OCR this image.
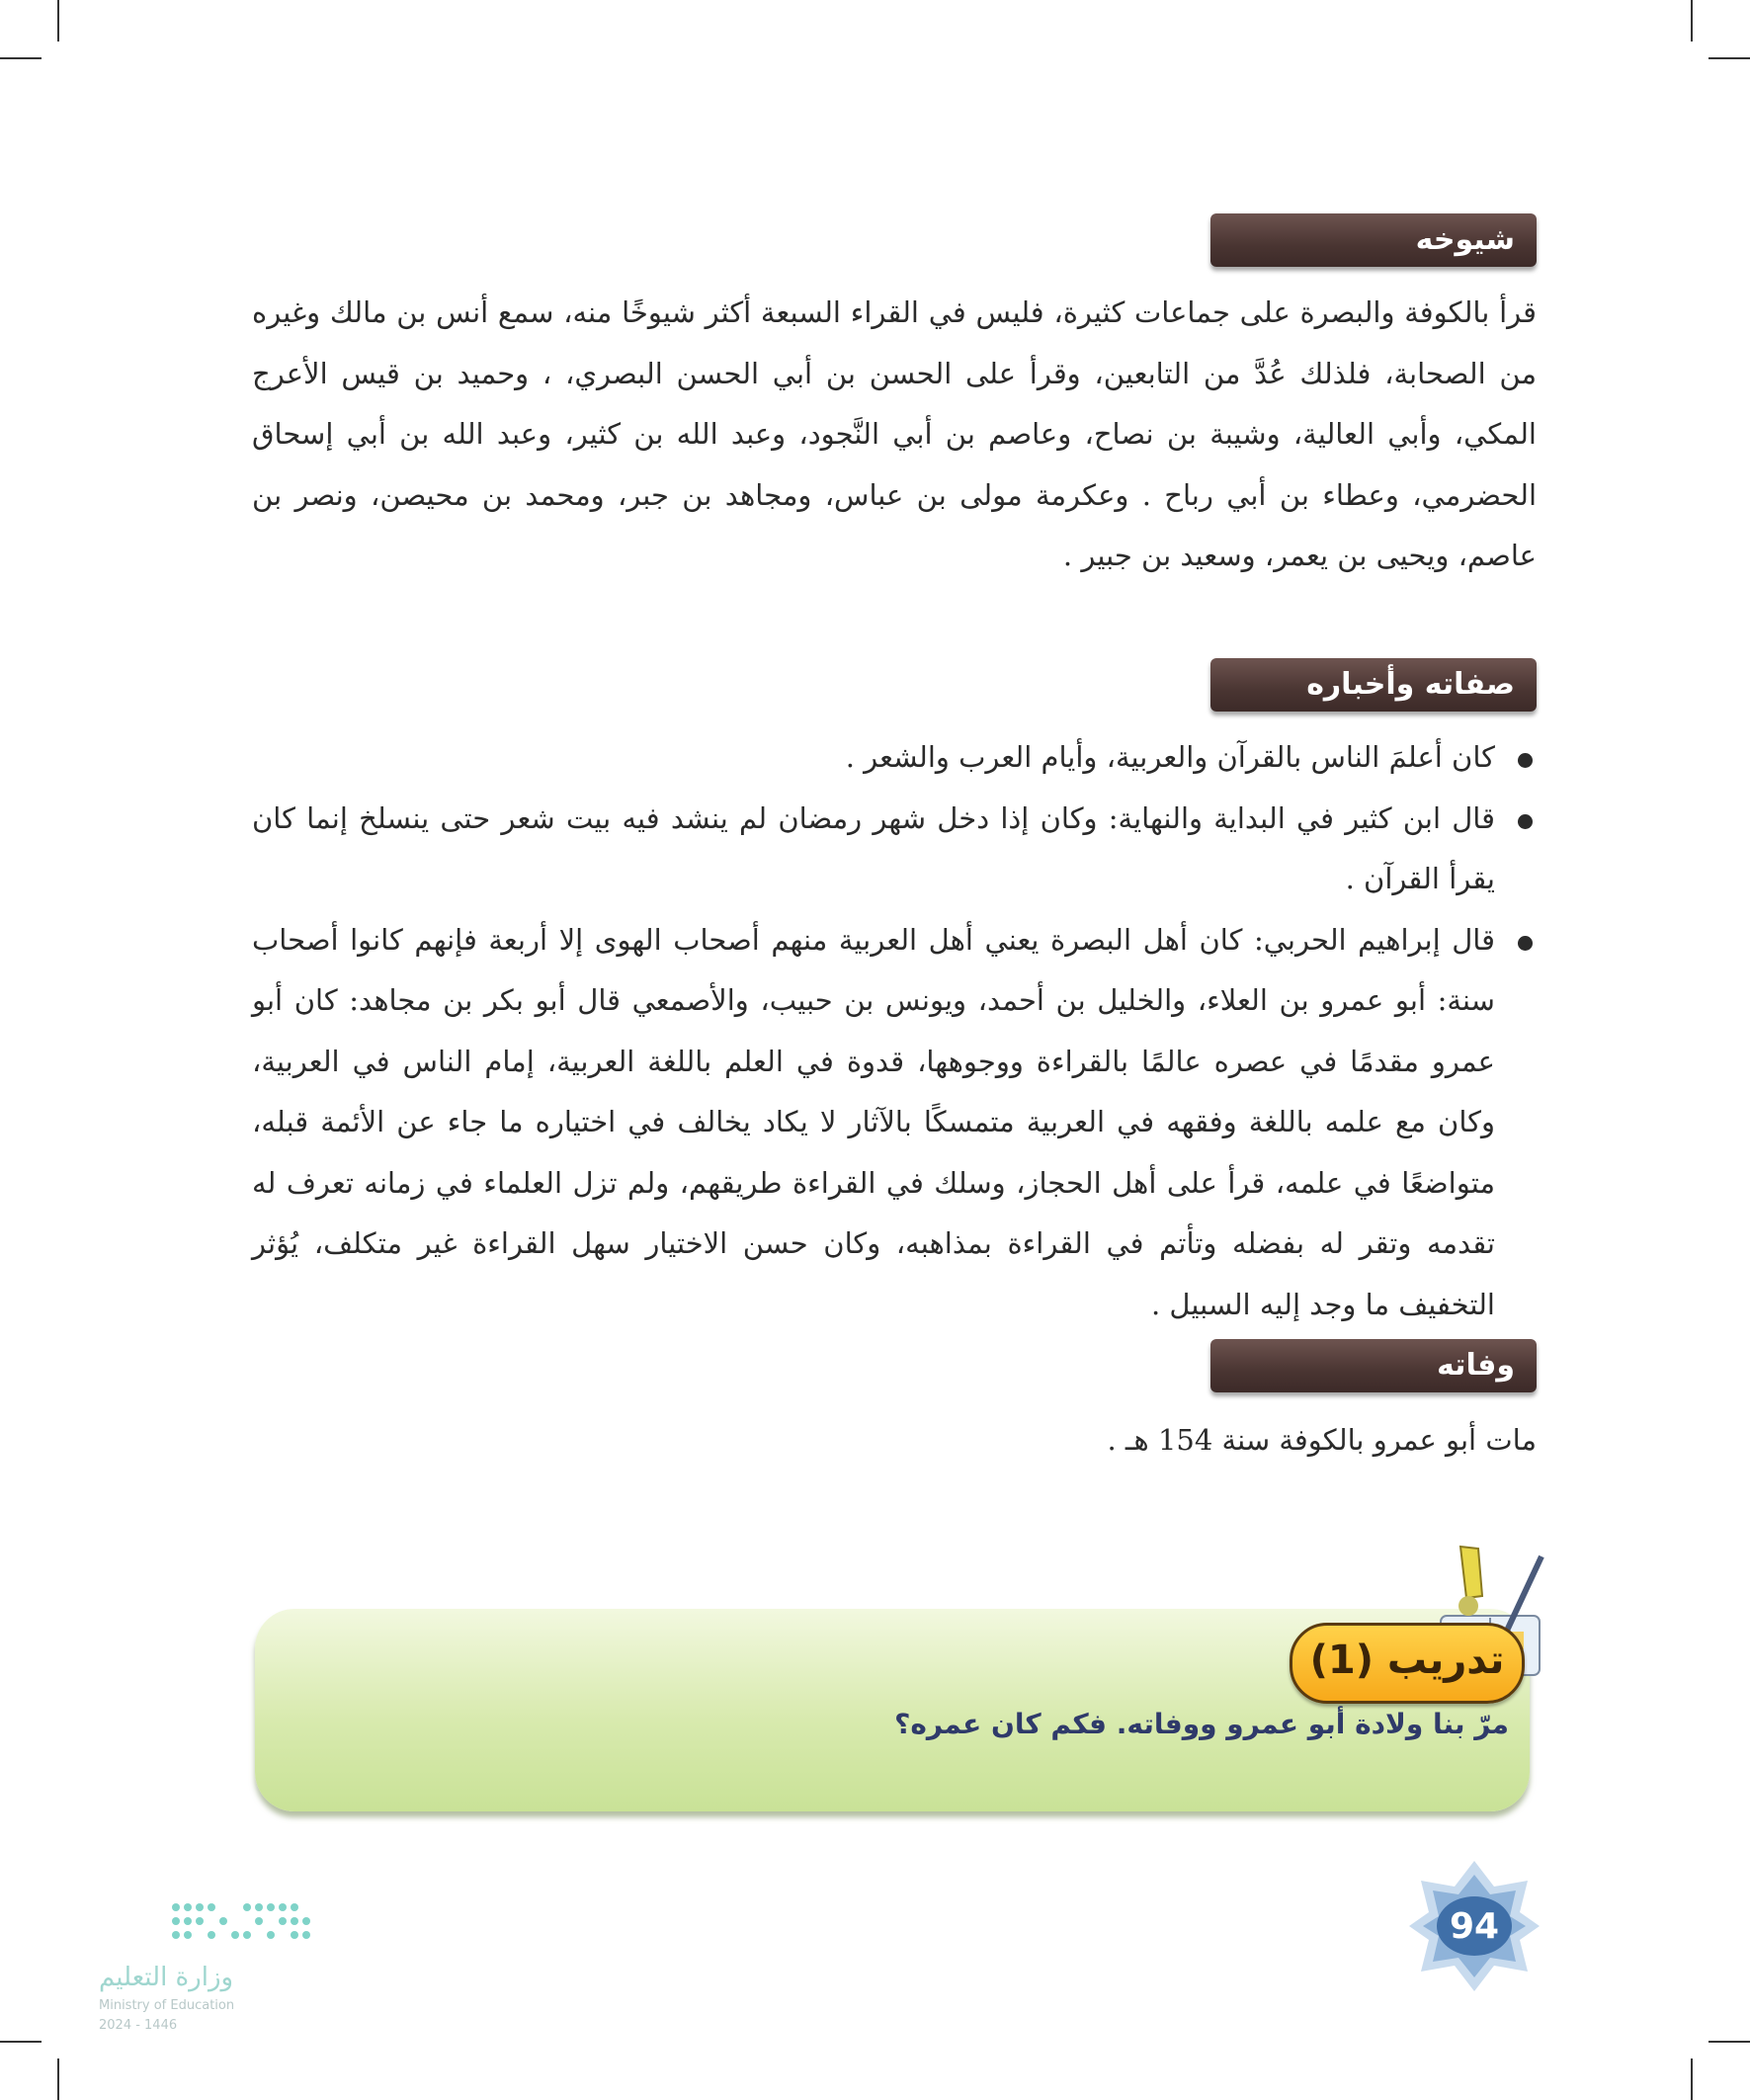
شيوخه

قرأ بالكوفة والبصرة على جماعات كثيرة، فليس في القراء السبعة أكثر شيوخًا منه، سمع أنس بن مالك وغيره من الصحابة، فلذلك عُدَّ من التابعين، وقرأ على الحسن بن أبي الحسن البصري، ، وحميد بن قيس الأعرج المكي، وأبي العالية، وشيبة بن نصاح، وعاصم بن أبي النَّجود، وعبد الله بن كثير، وعبد الله بن أبي إسحاق الحضرمي، وعطاء بن أبي رباح . وعكرمة مولى بن عباس، ومجاهد بن جبر، ومحمد بن محيصن، ونصر بن عاصم، ويحيى بن يعمر، وسعيد بن جبير .

صفاته وأخباره
كان أعلمَ الناس بالقرآن والعربية، وأيام العرب والشعر .
قال ابن كثير في البداية والنهاية: وكان إذا دخل شهر رمضان لم ينشد فيه بيت شعر حتى ينسلخ إنما كان يقرأ القرآن .
قال إبراهيم الحربي: كان أهل البصرة يعني أهل العربية منهم أصحاب الهوى إلا أربعة فإنهم كانوا أصحاب سنة: أبو عمرو بن العلاء، والخليل بن أحمد، ويونس بن حبيب، والأصمعي قال أبو بكر بن مجاهد: كان أبو عمرو مقدمًا في عصره عالمًا بالقراءة ووجوهها، قدوة في العلم باللغة العربية، إمام الناس في العربية، وكان مع علمه باللغة وفقهه في العربية متمسكًا بالآثار لا يكاد يخالف في اختياره ما جاء عن الأئمة قبله، متواضعًا في علمه، قرأ على أهل الحجاز، وسلك في القراءة طريقهم، ولم تزل العلماء في زمانه تعرف له تقدمه وتقر له بفضله وتأتم في القراءة بمذاهبه، وكان حسن الاختيار سهل القراءة غير متكلف، يُؤثر التخفيف ما وجد إليه السبيل .
وفاته

مات أبو عمرو بالكوفة سنة 154 هـ .

تدريب (1)
مرّ بنا ولادة أبو عمرو ووفاته. فكم كان عمره؟
94
وزارة التعليم
Ministry of Education
2024 - 1446
